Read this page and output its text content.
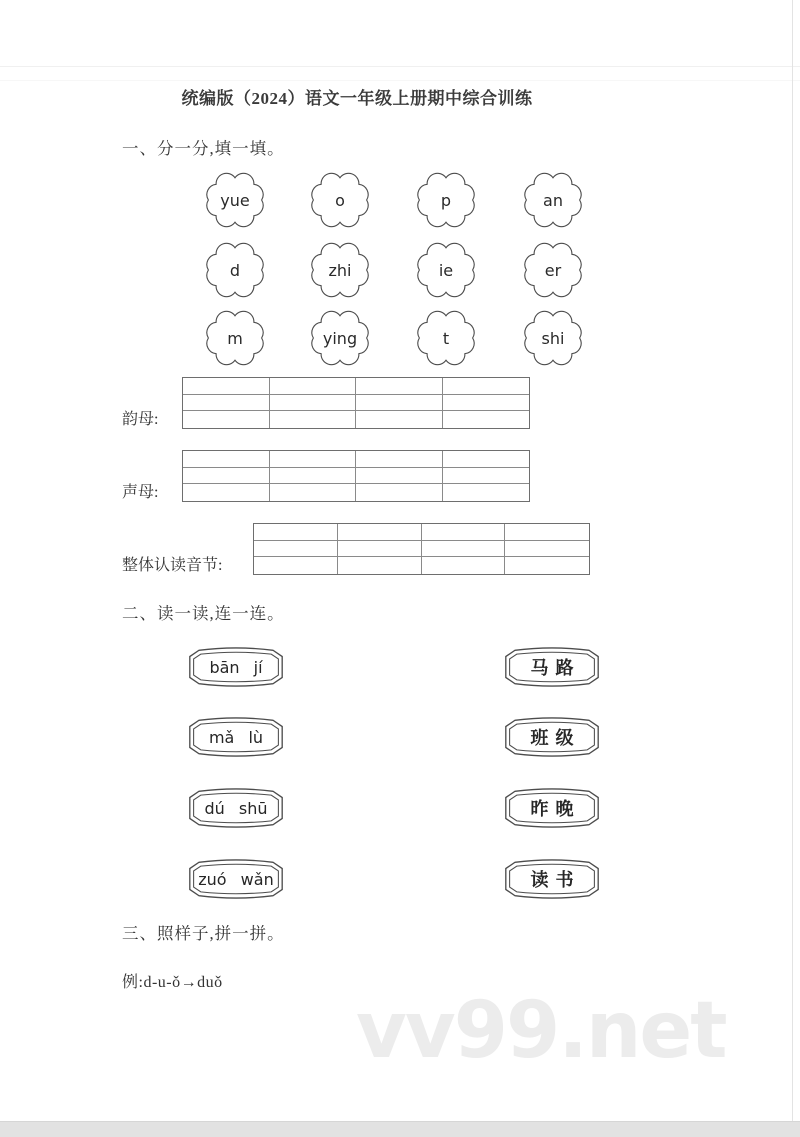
vv99.net
统编版（2024）语文一年级上册期中综合训练
一、分一分,填一填。
yue	o	p	an
d	zhi	ie	er
m	ying	t	shi
韵母:
声母:
整体认读音节:
二、读一读,连一连。
bān jí
mǎ lù
dú shū
zuó wǎn
马路
班级
昨晚
读书
三、照样子,拼一拼。
例:d-u-ǒ→duǒ
